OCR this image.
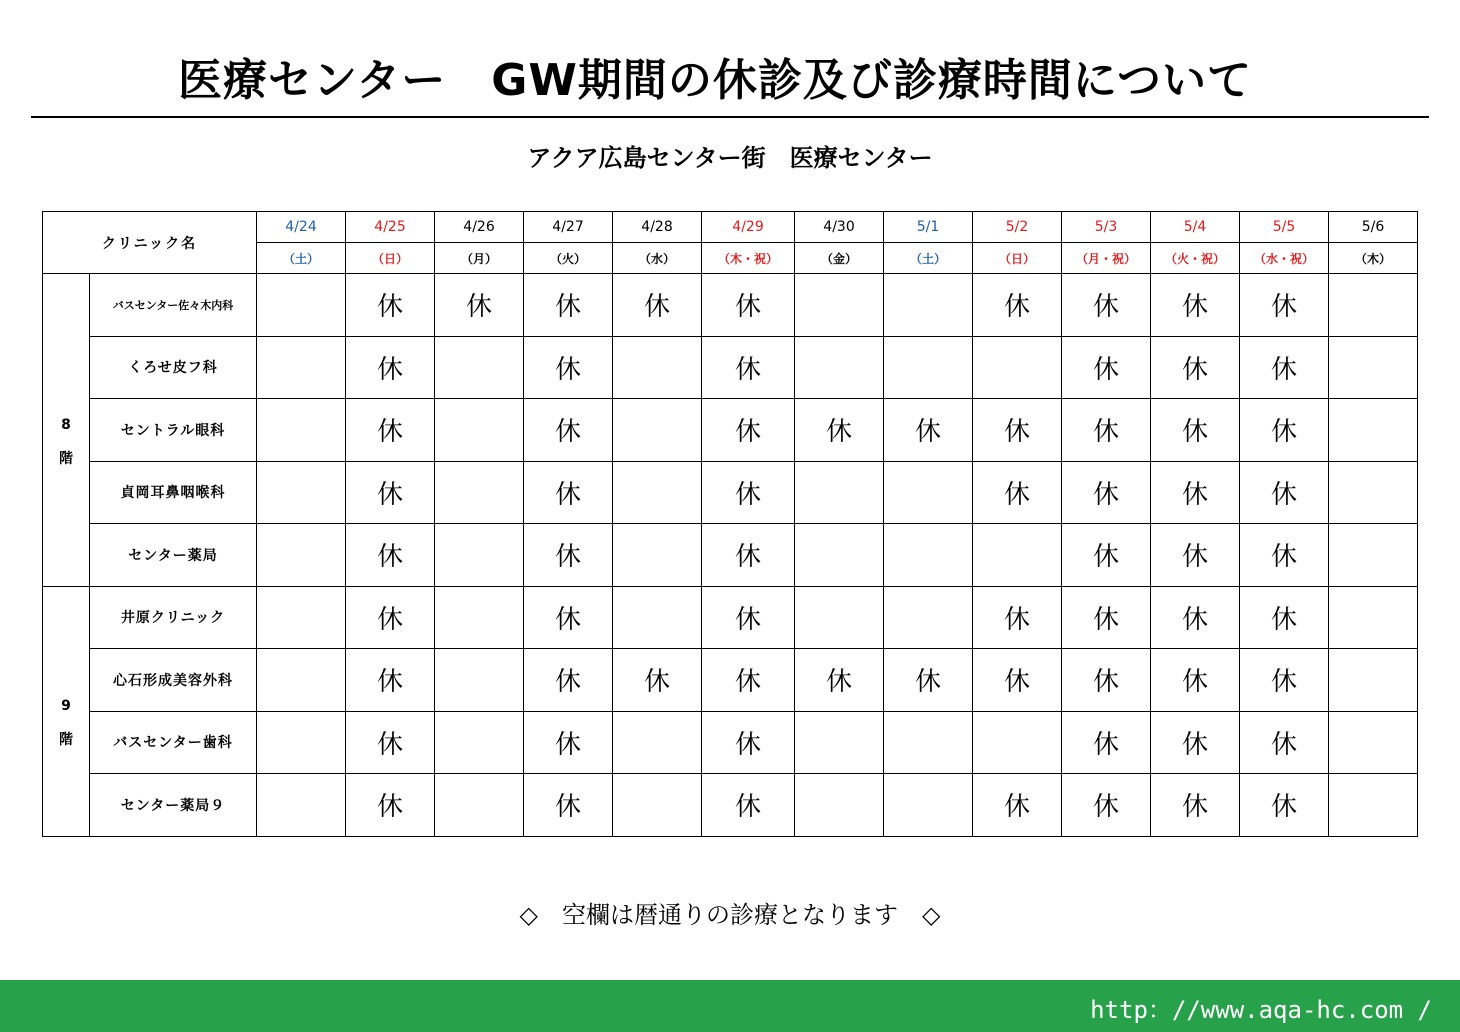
医療センター　GW期間の休診及び診療時間について
アクア広島センター街　医療センター
クリニック名		4/24	4/25	4/26	4/27	4/28	4/29	4/30	5/1	5/2	5/3	5/4	5/5	5/6
		（土）	（日）	（月）	（火）	（水）	（木・祝）	（金）	（土）	（日）	（月・祝）	（火・祝）	（水・祝）	（木）

8
階	バスセンター佐々木内科		休	休	休	休	休			休	休	休	休	
	くろせ皮フ科		休		休		休				休	休	休	
	セントラル眼科		休		休		休	休	休	休	休	休	休	
	貞岡耳鼻咽喉科		休		休		休			休	休	休	休	
	センター薬局		休		休		休				休	休	休	

9
階	井原クリニック		休		休		休			休	休	休	休	
	心石形成美容外科		休		休	休	休	休	休	休	休	休	休	
	バスセンター歯科		休		休		休				休	休	休	
	センター薬局９		休		休		休			休	休	休	休	
◇　空欄は暦通りの診療となります　◇
http：//www.aqa-hc.com /
